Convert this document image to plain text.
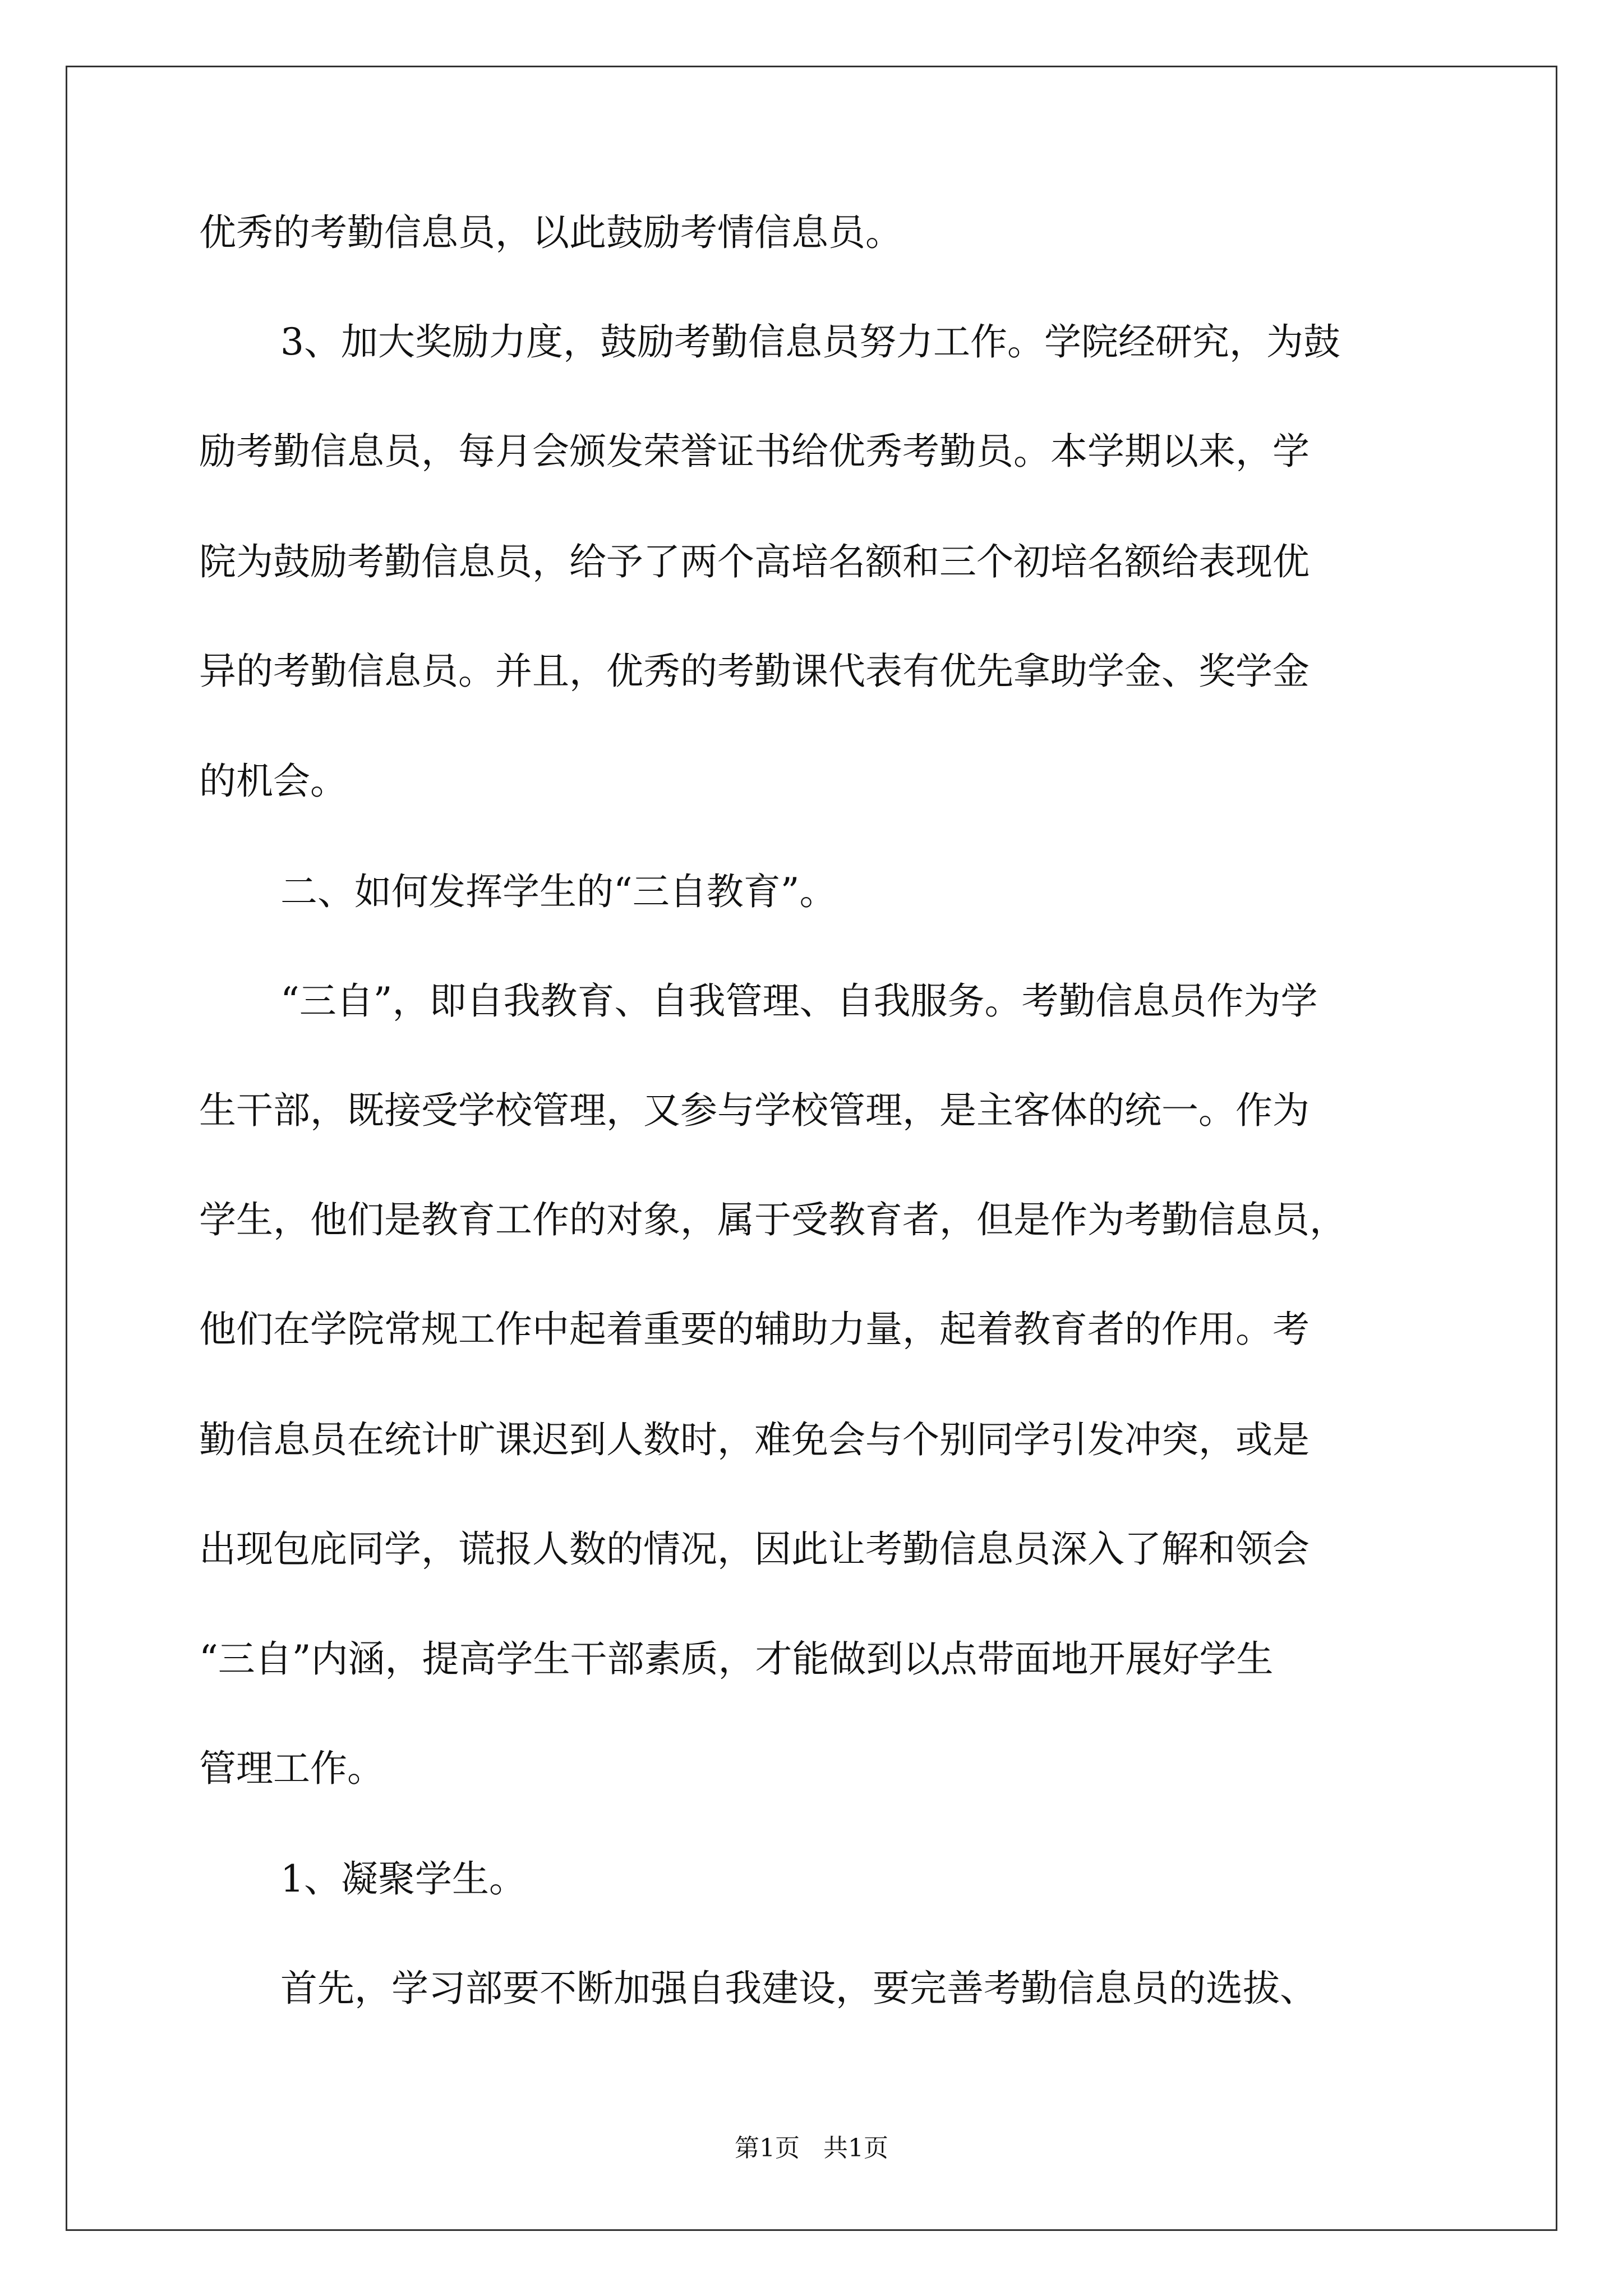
优秀的考勤信息员，以此鼓励考情信息员。
3、加大奖励力度，鼓励考勤信息员努力工作。学院经研究，为鼓
励考勤信息员，每月会颁发荣誉证书给优秀考勤员。本学期以来，学
院为鼓励考勤信息员，给予了两个高培名额和三个初培名额给表现优
异的考勤信息员。并且，优秀的考勤课代表有优先拿助学金、奖学金
的机会。
二、如何发挥学生的“三自教育”。
“三自”，即自我教育、自我管理、自我服务。考勤信息员作为学
生干部，既接受学校管理，又参与学校管理，是主客体的统一。作为
学生，他们是教育工作的对象，属于受教育者，但是作为考勤信息员，
他们在学院常规工作中起着重要的辅助力量，起着教育者的作用。考
勤信息员在统计旷课迟到人数时，难免会与个别同学引发冲突，或是
出现包庇同学，谎报人数的情况，因此让考勤信息员深入了解和领会
“三自”内涵，提高学生干部素质，才能做到以点带面地开展好学生
管理工作。
1、凝聚学生。
首先，学习部要不断加强自我建设，要完善考勤信息员的选拔、
第1页   共1页
